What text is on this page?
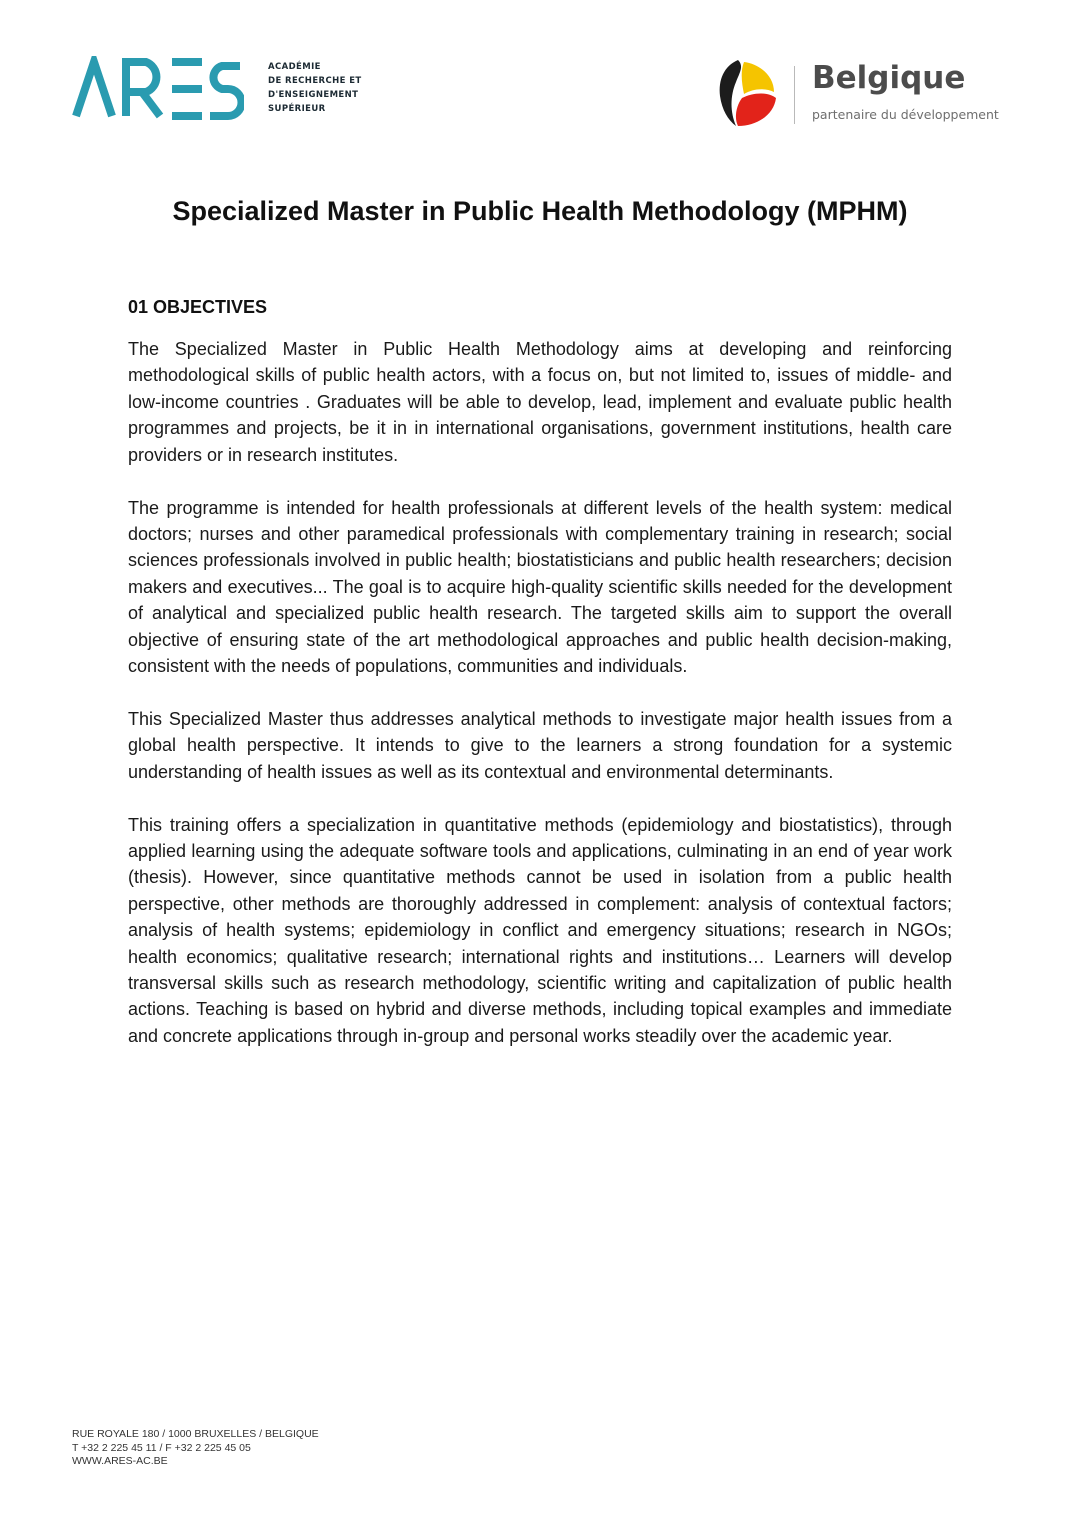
ACADÉMIE
DE RECHERCHE ET
D'ENSEIGNEMENT
SUPÉRIEUR
Belgique
partenaire du développement
Specialized Master in Public Health Methodology (MPHM)
01 OBJECTIVES

The Specialized Master in Public Health Methodology aims at developing and reinforcing methodological skills of public health actors, with a focus on, but not limited to, issues of middle- and low-income countries . Graduates will be able to develop, lead, implement and evaluate public health programmes and projects, be it in in international organisations, government institutions, health care providers or in research institutes.

The programme is intended for health professionals at different levels of the health system: medical doctors; nurses and other paramedical professionals with complementary training in research; social sciences professionals involved in public health; biostatisticians and public health researchers; decision makers and executives... The goal is to acquire high-quality scientific skills needed for the development of analytical and specialized public health research. The targeted skills aim to support the overall objective of ensuring state of the art methodological approaches and public health decision-making, consistent with the needs of populations, communities and individuals.

This Specialized Master thus addresses analytical methods to investigate major health issues from a global health perspective. It intends to give to the learners a strong foundation for a systemic understanding of health issues as well as its contextual and environmental determinants.

This training offers a specialization in quantitative methods (epidemiology and biostatistics), through applied learning using the adequate software tools and applications, culminating in an end of year work (thesis). However, since quantitative methods cannot be used in isolation from a public health perspective, other methods are thoroughly addressed in complement: analysis of contextual factors; analysis of health systems; epidemiology in conflict and emergency situations; research in NGOs; health economics; qualitative research; international rights and institutions… Learners will develop transversal skills such as research methodology, scientific writing and capitalization of public health actions. Teaching is based on hybrid and diverse methods, including topical examples and immediate and concrete applications through in-group and personal works steadily over the academic year.

RUE ROYALE 180 / 1000 BRUXELLES / BELGIQUE
T +32 2 225 45 11 / F +32 2 225 45 05
WWW.ARES-AC.BE
